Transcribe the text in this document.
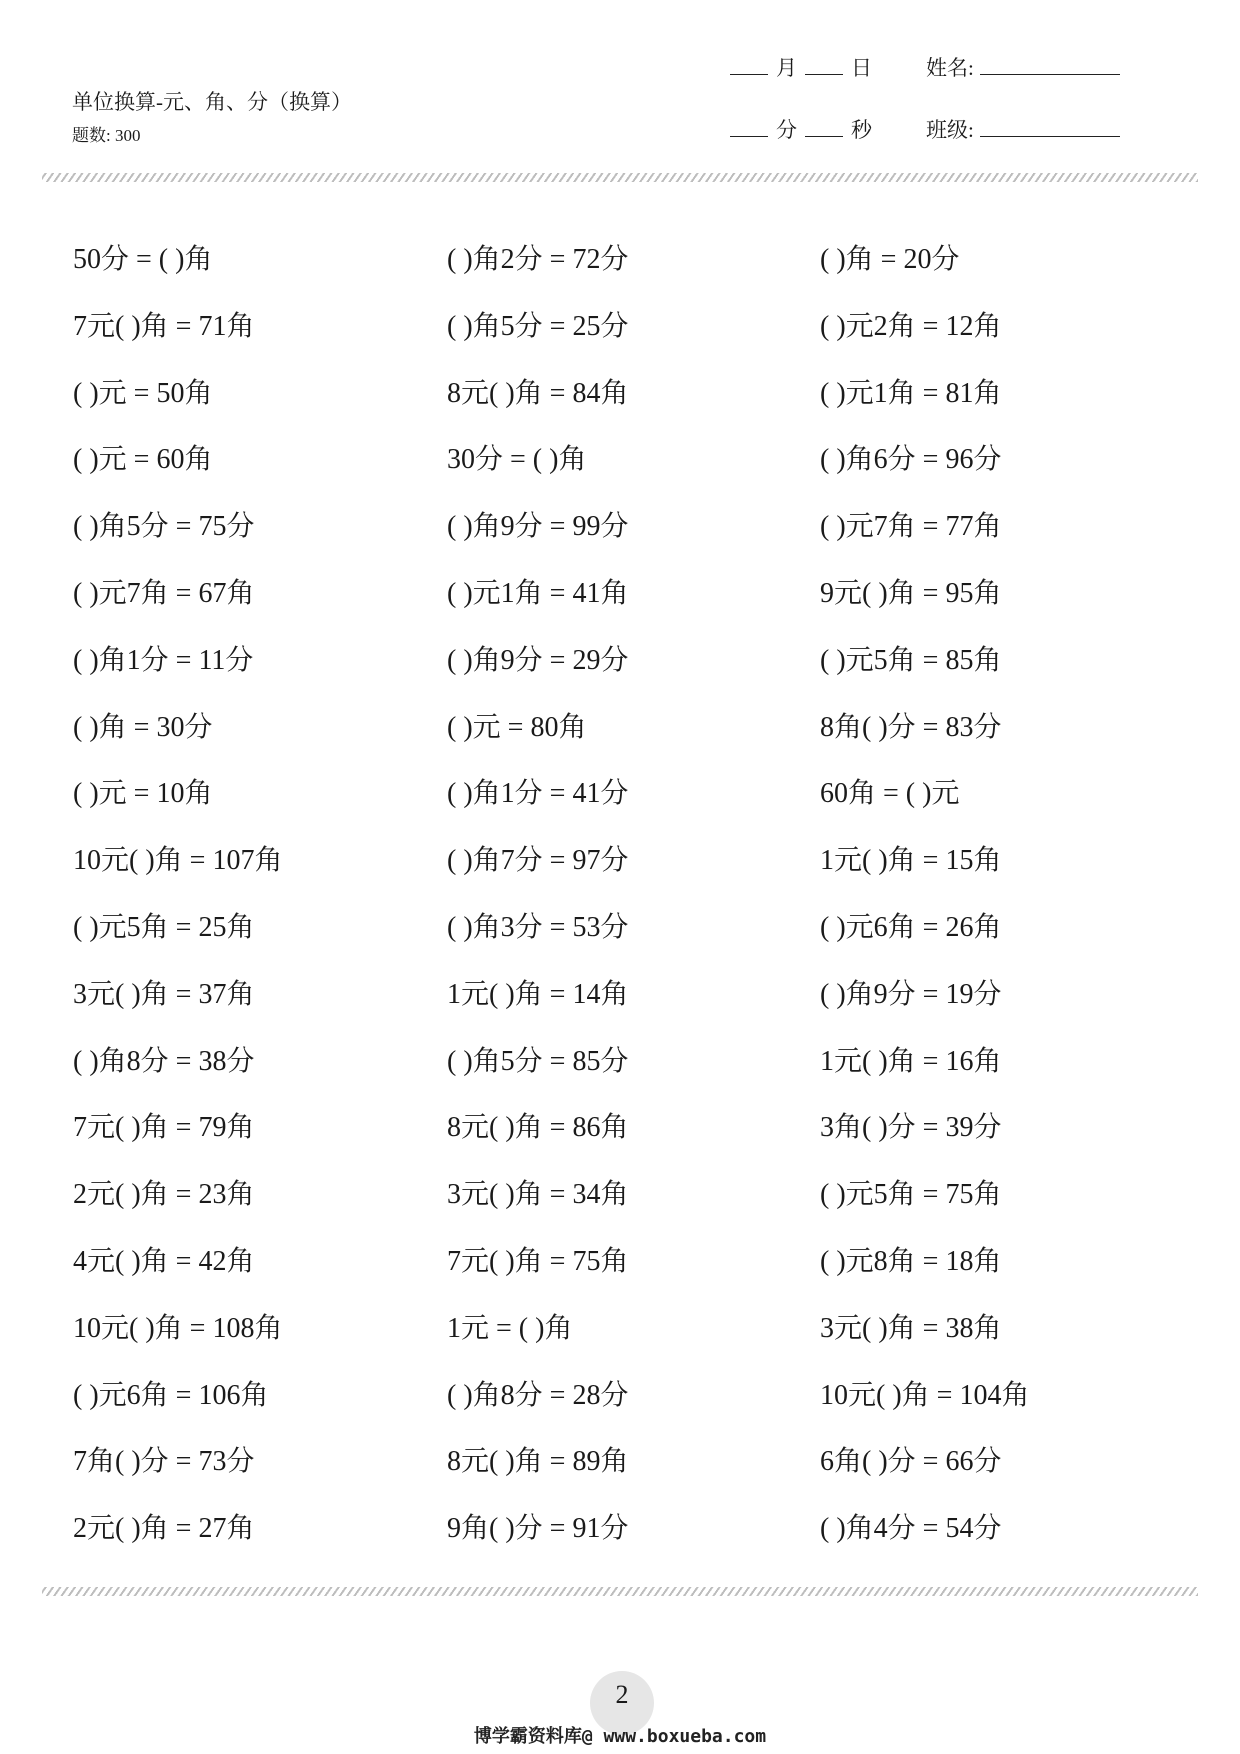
单位换算-元、角、分（换算）
题数: 300
月	日	姓名:
分	秒	班级:
50分 = ( )角	( )角2分 = 72分	( )角 = 20分
7元( )角 = 71角	( )角5分 = 25分	( )元2角 = 12角
( )元 = 50角	8元( )角 = 84角	( )元1角 = 81角
( )元 = 60角	30分 = ( )角	( )角6分 = 96分
( )角5分 = 75分	( )角9分 = 99分	( )元7角 = 77角
( )元7角 = 67角	( )元1角 = 41角	9元( )角 = 95角
( )角1分 = 11分	( )角9分 = 29分	( )元5角 = 85角
( )角 = 30分	( )元 = 80角	8角( )分 = 83分
( )元 = 10角	( )角1分 = 41分	60角 = ( )元
10元( )角 = 107角	( )角7分 = 97分	1元( )角 = 15角
( )元5角 = 25角	( )角3分 = 53分	( )元6角 = 26角
3元( )角 = 37角	1元( )角 = 14角	( )角9分 = 19分
( )角8分 = 38分	( )角5分 = 85分	1元( )角 = 16角
7元( )角 = 79角	8元( )角 = 86角	3角( )分 = 39分
2元( )角 = 23角	3元( )角 = 34角	( )元5角 = 75角
4元( )角 = 42角	7元( )角 = 75角	( )元8角 = 18角
10元( )角 = 108角	1元 = ( )角	3元( )角 = 38角
( )元6角 = 106角	( )角8分 = 28分	10元( )角 = 104角
7角( )分 = 73分	8元( )角 = 89角	6角( )分 = 66分
2元( )角 = 27角	9角( )分 = 91分	( )角4分 = 54分
2
博学霸资料库@ www.boxueba.com
